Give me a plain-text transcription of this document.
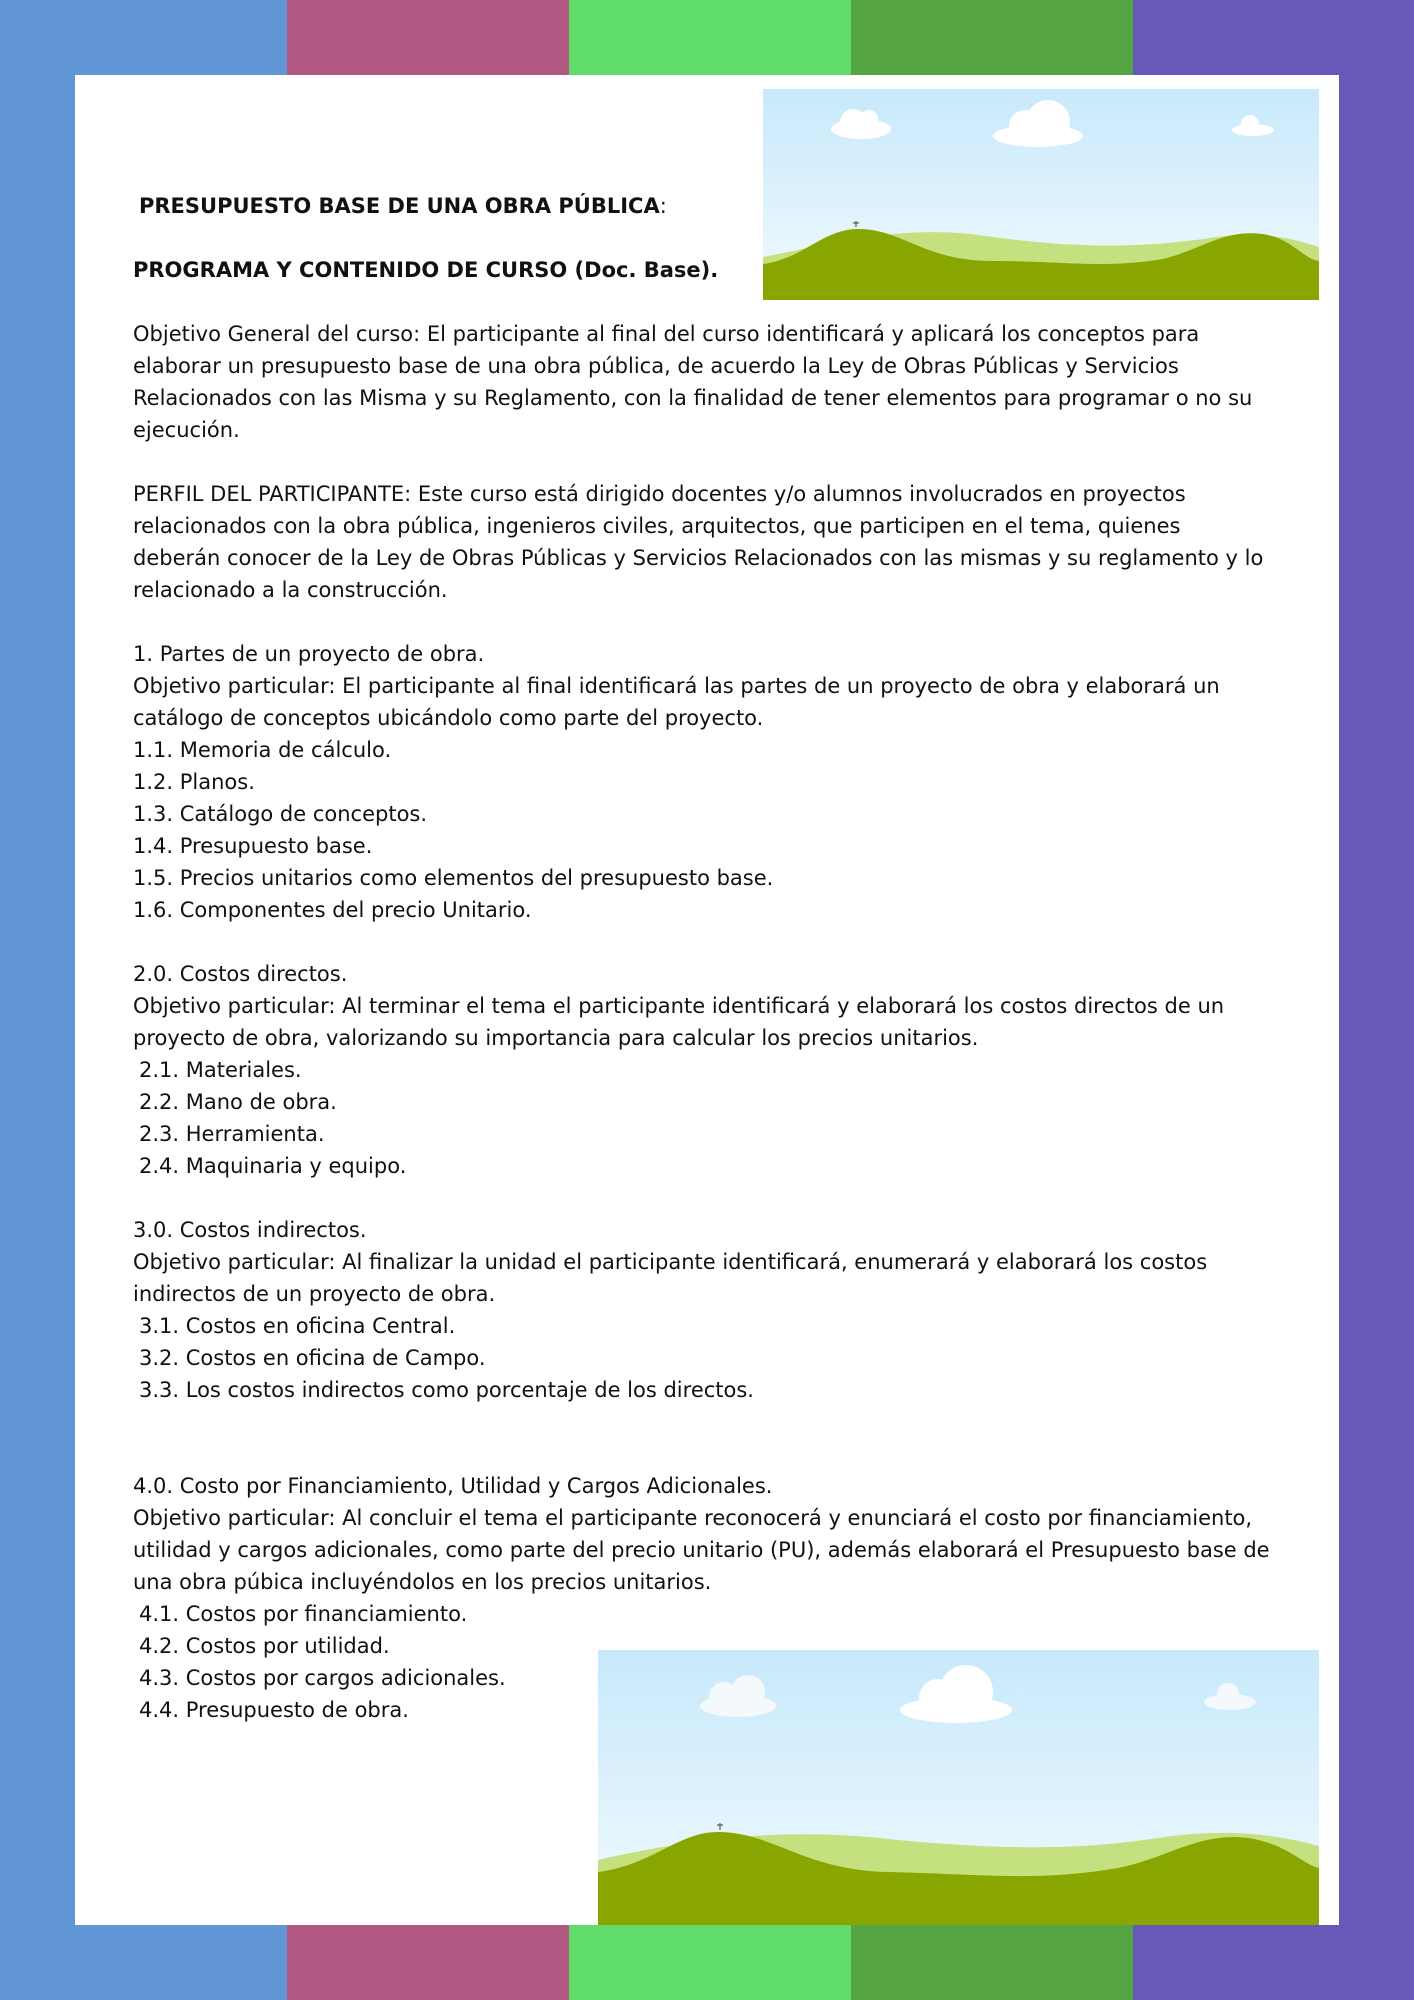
PRESUPUESTO BASE DE UNA OBRA PÚBLICA:

PROGRAMA Y CONTENIDO DE CURSO (Doc. Base).

Objetivo General del curso: El participante al final del curso identificará y aplicará los conceptos para elaborar un presupuesto base de una obra pública, de acuerdo la Ley de Obras Públicas y Servicios Relacionados con las Misma y su Reglamento, con la finalidad de tener elementos para programar o no su ejecución.

PERFIL DEL PARTICIPANTE: Este curso está dirigido docentes y/o alumnos involucrados en proyectos relacionados con la obra pública, ingenieros civiles, arquitectos, que participen en el tema, quienes deberán conocer de la Ley de Obras Públicas y Servicios Relacionados con las mismas y su reglamento y lo relacionado a la construcción.

1. Partes de un proyecto de obra.

Objetivo particular: El participante al final identificará las partes de un proyecto de obra y elaborará un catálogo de conceptos ubicándolo como parte del proyecto.

1.1. Memoria de cálculo.

1.2. Planos.

1.3. Catálogo de conceptos.

1.4. Presupuesto base.

1.5. Precios unitarios como elementos del presupuesto base.

1.6. Componentes del precio Unitario.

2.0. Costos directos.

Objetivo particular: Al terminar el tema el participante identificará y elaborará los costos directos de un proyecto de obra, valorizando su importancia para calcular los precios unitarios.

2.1. Materiales.

2.2. Mano de obra.

2.3. Herramienta.

2.4. Maquinaria y equipo.

3.0. Costos indirectos.

Objetivo particular: Al finalizar la unidad el participante identificará, enumerará y elaborará los costos indirectos de un proyecto de obra.

3.1. Costos en oficina Central.

3.2. Costos en oficina de Campo.

3.3. Los costos indirectos como porcentaje de los directos.

4.0. Costo por Financiamiento, Utilidad y Cargos Adicionales.

Objetivo particular: Al concluir el tema el participante reconocerá y enunciará el costo por financiamiento, utilidad y cargos adicionales, como parte del precio unitario (PU), además elaborará el Presupuesto base de una obra púbica incluyéndolos en los precios unitarios.

4.1. Costos por financiamiento.

4.2. Costos por utilidad.

4.3. Costos por cargos adicionales.

4.4. Presupuesto de obra.
